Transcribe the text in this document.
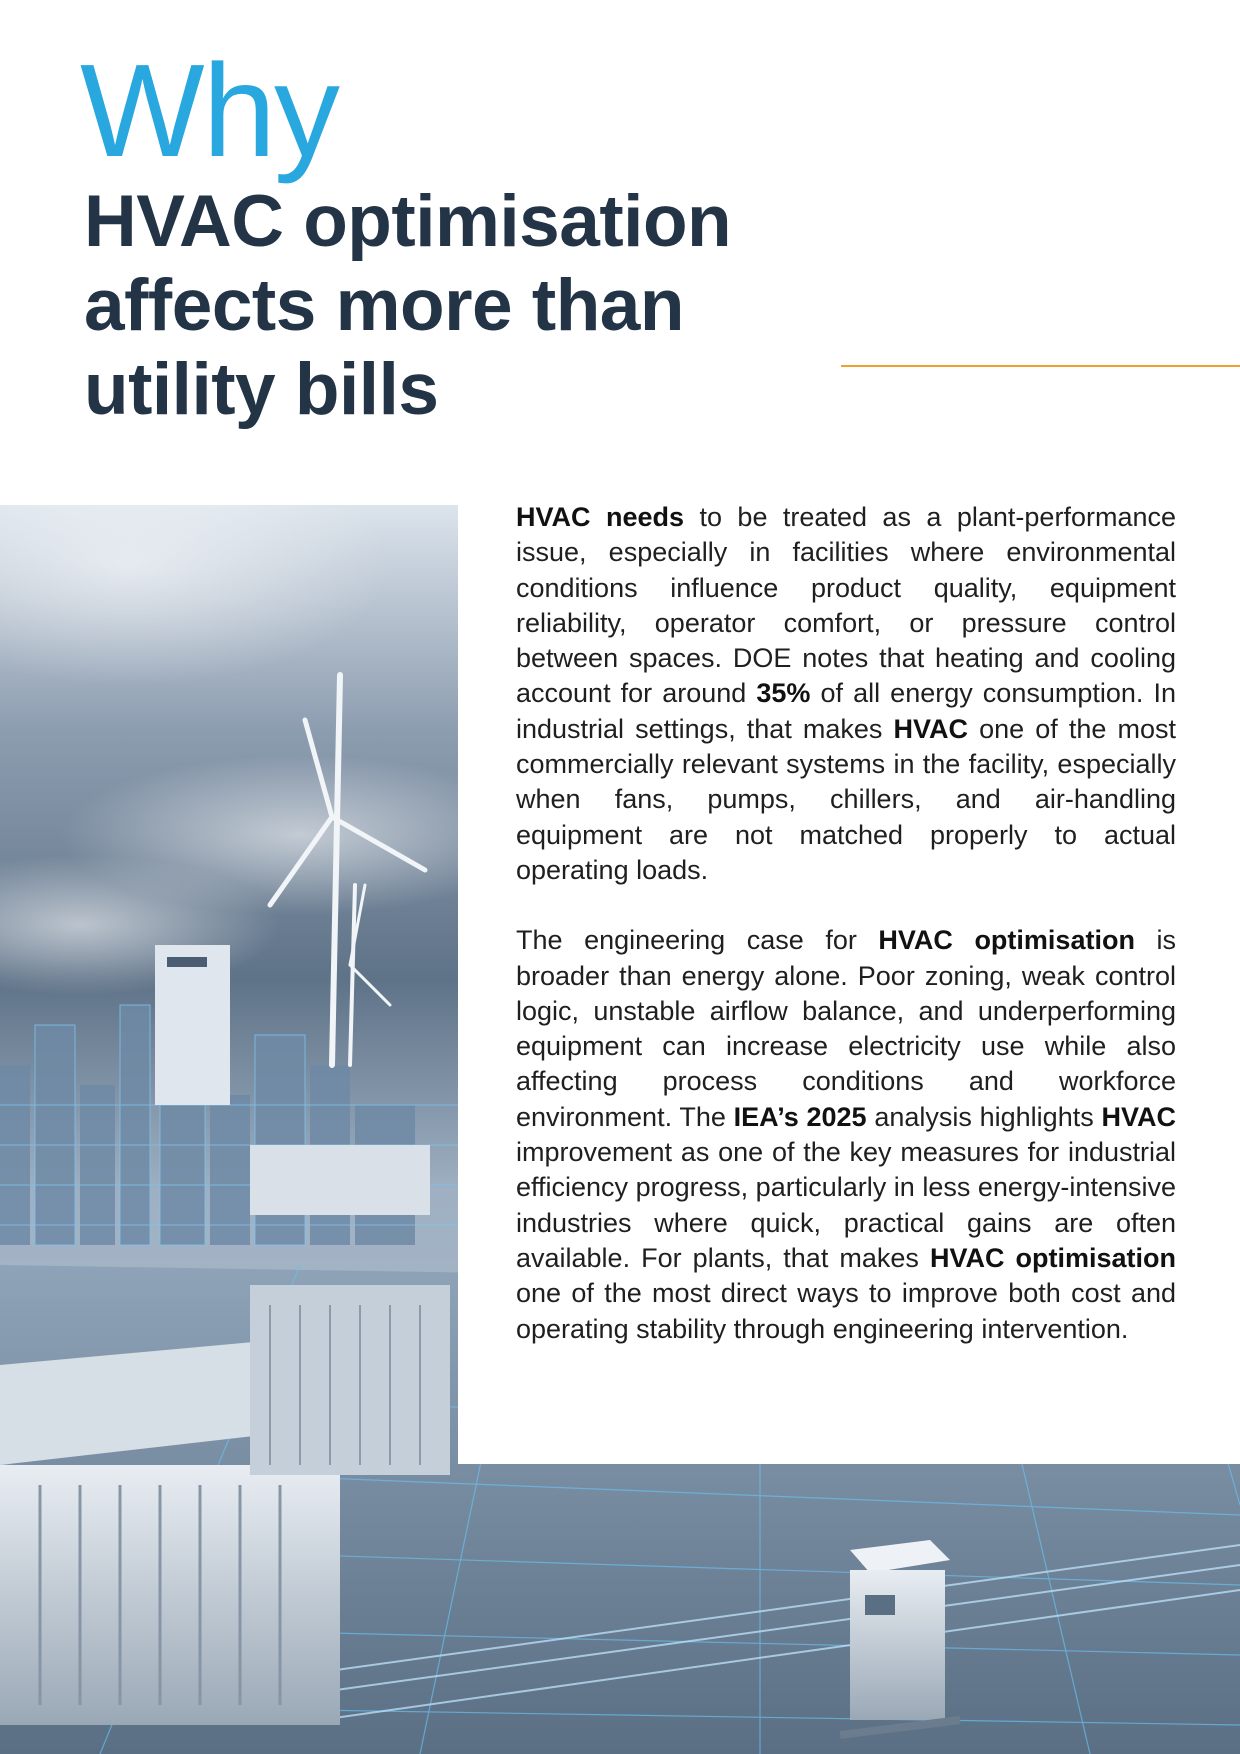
Why
HVAC optimisation
affects more than
utility bills

HVAC needs to be treated as a plant-performance issue, especially in facilities where environmental conditions influence product quality, equipment reliability, operator comfort, or pressure control between spaces. DOE notes that heating and cooling account for around 35% of all energy consumption. In industrial settings, that makes HVAC one of the most commercially relevant systems in the facility, especially when fans, pumps, chillers, and air-handling equipment are not matched properly to actual operating loads.

The engineering case for HVAC optimisation is broader than energy alone. Poor zoning, weak control logic, unstable airflow balance, and underperforming equipment can increase electricity use while also affecting process conditions and workforce environment. The IEA’s 2025 analysis highlights HVAC improvement as one of the key measures for industrial efficiency progress, particularly in less energy-intensive industries where quick, practical gains are often available. For plants, that makes HVAC optimisation one of the most direct ways to improve both cost and operating stability through engineering intervention.
